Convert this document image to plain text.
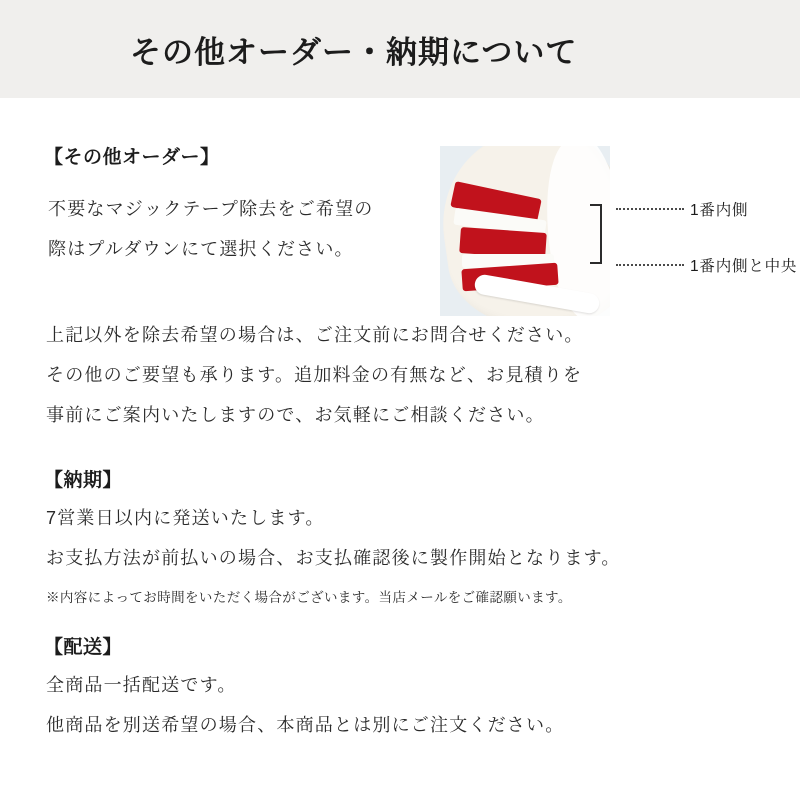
その他オーダー・納期について
【その他オーダー】
不要なマジックテープ除去をご希望の
際はプルダウンにて選択ください。
上記以外を除去希望の場合は、ご注文前にお問合せください。
その他のご要望も承ります。追加料金の有無など、お見積りを
事前にご案内いたしますので、お気軽にご相談ください。
【納期】
7営業日以内に発送いたします。
お支払方法が前払いの場合、お支払確認後に製作開始となります。
※内容によってお時間をいただく場合がございます。当店メールをご確認願います。
【配送】
全商品一括配送です。
他商品を別送希望の場合、本商品とは別にご注文ください。
1番内側
1番内側と中央
